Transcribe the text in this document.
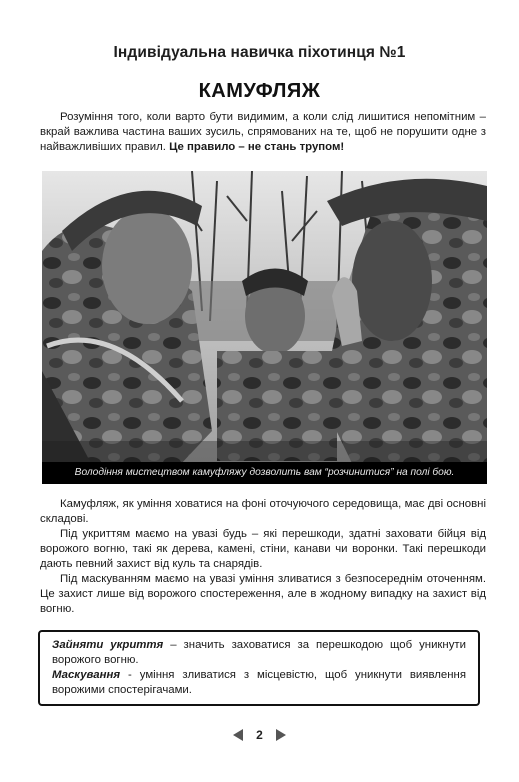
Індивідуальна навичка піхотинця №1
КАМУФЛЯЖ

Розуміння того, коли варто бути видимим, а коли слід лишитися непомітним – вкрай важлива частина ваших зусиль, спрямованих на те, щоб не порушити одне з найважливіших правил. Це правило – не стань трупом!

Володіння мистецтвом камуфляжу дозволить вам “розчинитися” на полі бою.

Камуфляж, як уміння ховатися на фоні оточуючого середовища, має дві основні складові.

Під укриттям маємо на увазі будь – які перешкоди, здатні заховати бійця від ворожого вогню, такі як дерева, камені, стіни, канави чи воронки. Такі перешкоди дають певний захист від куль та снарядів.

Під маскуванням маємо на увазі уміння зливатися з безпосереднім оточенням. Це захист лише від ворожого спостереження, але в жодному випадку на захист від вогню.

Зайняти укриття – значить заховатися за перешкодою щоб уникнути ворожого вогню.

Маскування - уміння зливатися з місцевістю, щоб уникнути виявлення ворожими спостерігачами.

2
